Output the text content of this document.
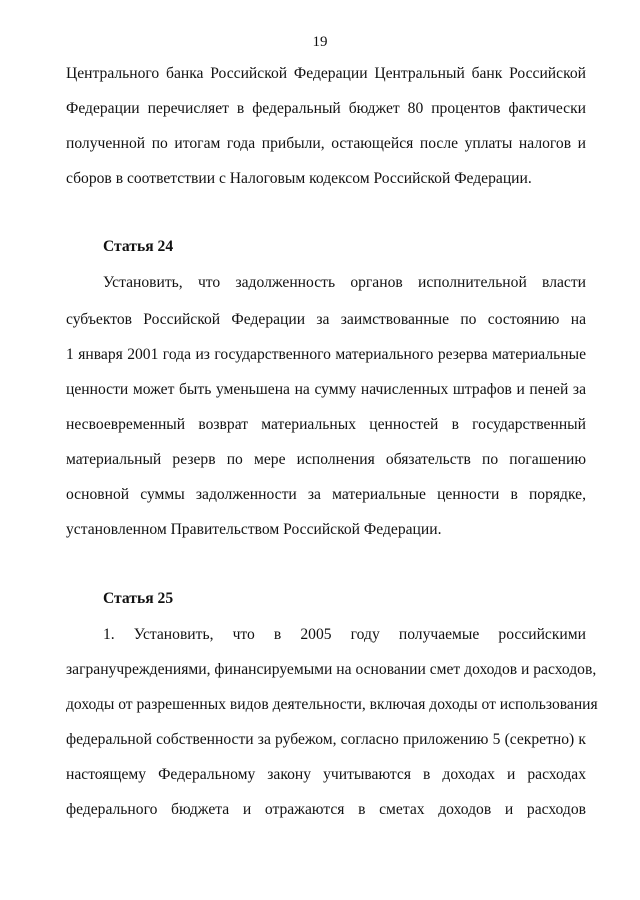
19
Центрального банка Российской Федерации Центральный банк Российской
Федерации перечисляет в федеральный бюджет 80 процентов фактически
полученной по итогам года прибыли, остающейся после уплаты налогов и
сборов в соответствии с Налоговым кодексом Российской Федерации.
Статья 24
Установить, что задолженность органов исполнительной власти
субъектов Российской Федерации за заимствованные по состоянию на
1 января 2001 года из государственного материального резерва материальные
ценности может быть уменьшена на сумму начисленных штрафов и пеней за
несвоевременный возврат материальных ценностей в государственный
материальный резерв по мере исполнения обязательств по погашению
основной суммы задолженности за материальные ценности в порядке,
установленном Правительством Российской Федерации.
Статья 25
1. Установить, что в 2005 году получаемые российскими
загранучреждениями, финансируемыми на основании смет доходов и расходов,
доходы от разрешенных видов деятельности, включая доходы от использования
федеральной собственности за рубежом, согласно приложению 5 (секретно) к
настоящему Федеральному закону учитываются в доходах и расходах
федерального бюджета и отражаются в сметах доходов и расходов
